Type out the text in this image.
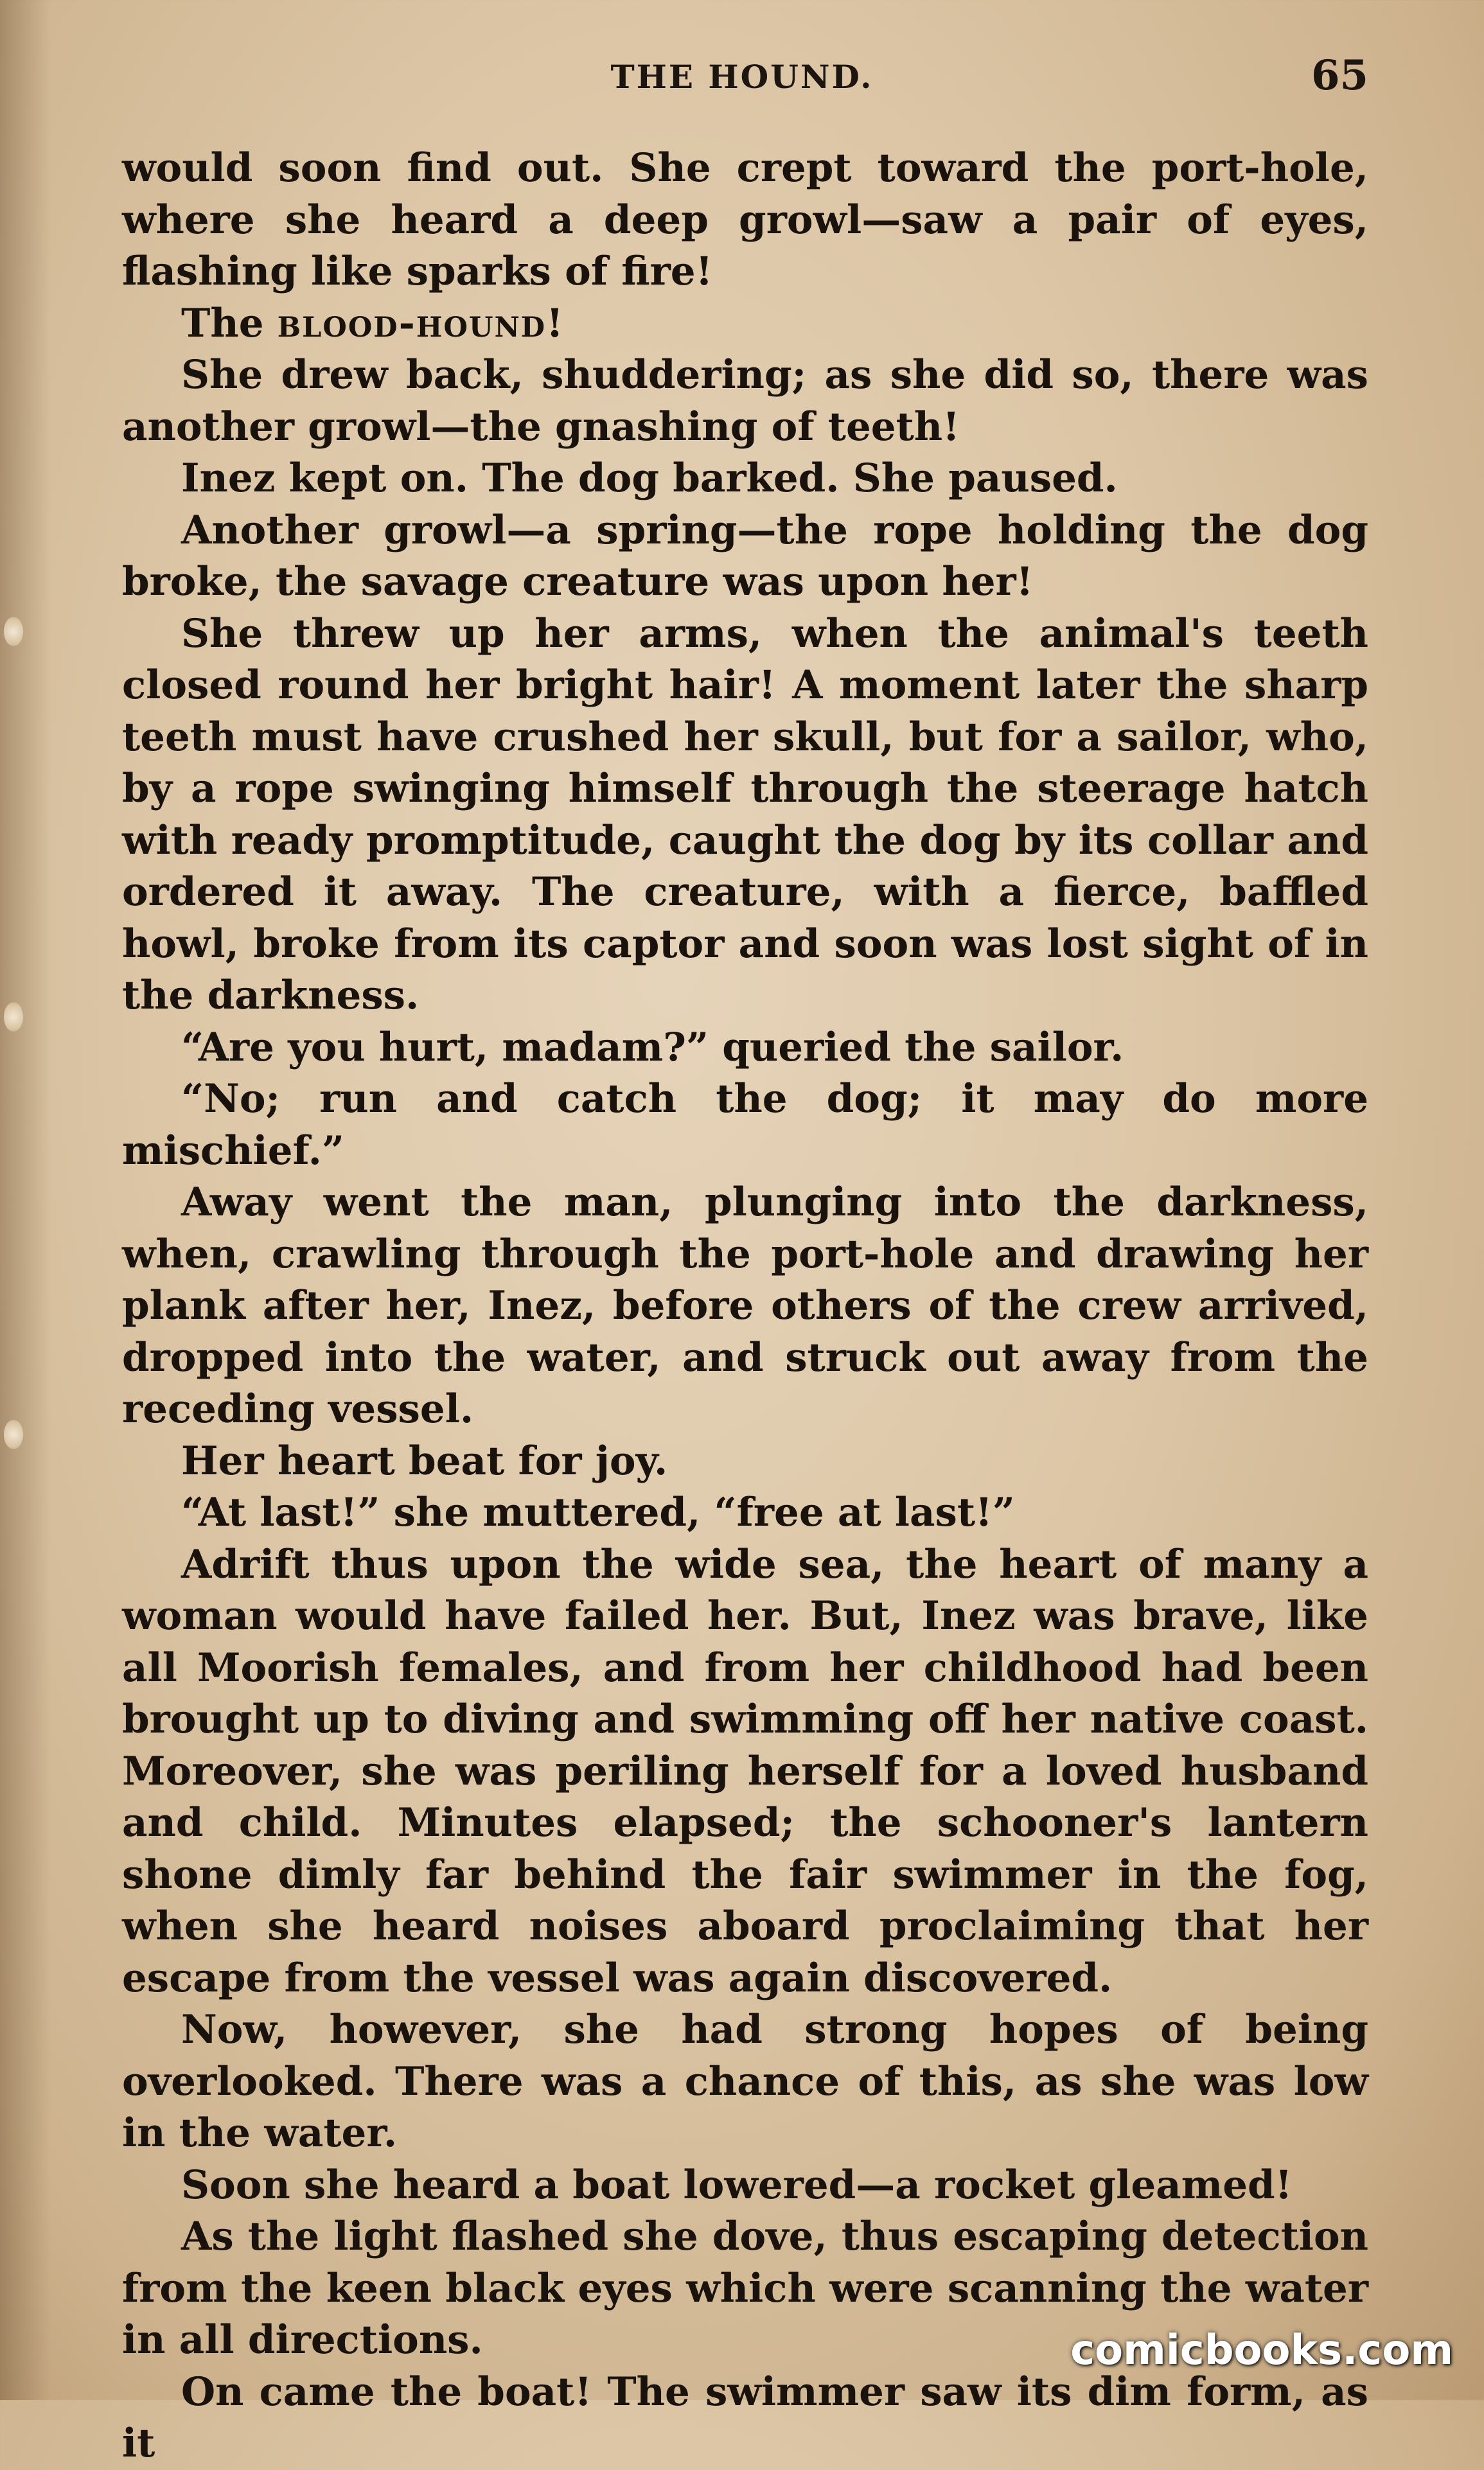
THE HOUND.	65

would soon find out. She crept toward the port-hole, where she heard a deep growl—saw a pair of eyes, flashing like sparks of fire!

The blood-hound!

She drew back, shuddering; as she did so, there was another growl—the gnashing of teeth!

Inez kept on. The dog barked. She paused.

Another growl—a spring—the rope holding the dog broke, the savage creature was upon her!

She threw up her arms, when the animal's teeth closed round her bright hair! A moment later the sharp teeth must have crushed her skull, but for a sailor, who, by a rope swinging himself through the steerage hatch with ready promptitude, caught the dog by its collar and ordered it away. The creature, with a fierce, baffled howl, broke from its captor and soon was lost sight of in the darkness.

“Are you hurt, madam?” queried the sailor.

“No; run and catch the dog; it may do more mischief.”

Away went the man, plunging into the darkness, when, crawling through the port-hole and drawing her plank after her, Inez, before others of the crew arrived, dropped into the water, and struck out away from the receding vessel.

Her heart beat for joy.

“At last!” she muttered, “free at last!”

Adrift thus upon the wide sea, the heart of many a woman would have failed her. But, Inez was brave, like all Moorish females, and from her childhood had been brought up to diving and swimming off her native coast. Moreover, she was periling herself for a loved husband and child. Minutes elapsed; the schooner's lantern shone dimly far behind the fair swimmer in the fog, when she heard noises aboard proclaiming that her escape from the vessel was again discovered.

Now, however, she had strong hopes of being overlooked. There was a chance of this, as she was low in the water.

Soon she heard a boat lowered—a rocket gleamed!

As the light flashed she dove, thus escaping detection from the keen black eyes which were scanning the water in all directions.

On came the boat! The swimmer saw its dim form, as it

comicbooks.com
